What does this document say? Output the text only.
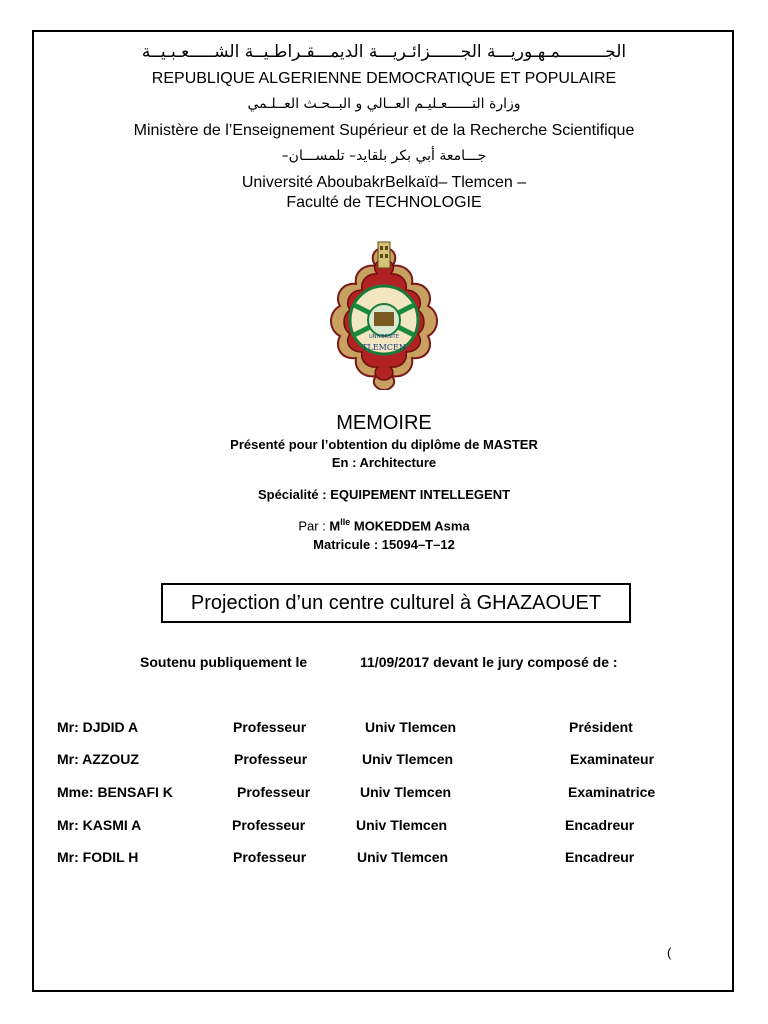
الجـــــــــمـهـوريـــة الجــــــزائـريـــة الديمـــقـراطـيــة الشـــــعـبـيــة
REPUBLIQUE ALGERIENNE DEMOCRATIQUE ET POPULAIRE
وزارة التــــــعـليـم العــالي و البــحـث العــلـمي
Ministère de l’Enseignement Supérieur et de la Recherche Scientifique
جـــامعة أبي بكر بلقايد– تلمســـان–
Université AboubakrBelkaïd– Tlemcen –
Faculté de TECHNOLOGIE
UNIVERSITE
TLEMCEN
MEMOIRE
Présenté pour l’obtention du diplôme de MASTER
En : Architecture
Spécialité : EQUIPEMENT INTELLEGENT
Par : $M^{lle}$ MOKEDDEM Asma
Matricule : 15094–T–12
Projection d’un centre culturel à GHAZAOUET
Soutenu publiquement le	11/09/2017 devant le jury composé de :
Mr: DJDID A	Professeur	Univ Tlemcen	Président
Mr: AZZOUZ	Professeur	Univ Tlemcen	Examinateur
Mme: BENSAFI K	Professeur	Univ Tlemcen	Examinatrice
Mr: KASMI A	Professeur	Univ Tlemcen	Encadreur
Mr: FODIL H	Professeur	Univ Tlemcen	Encadreur
(
